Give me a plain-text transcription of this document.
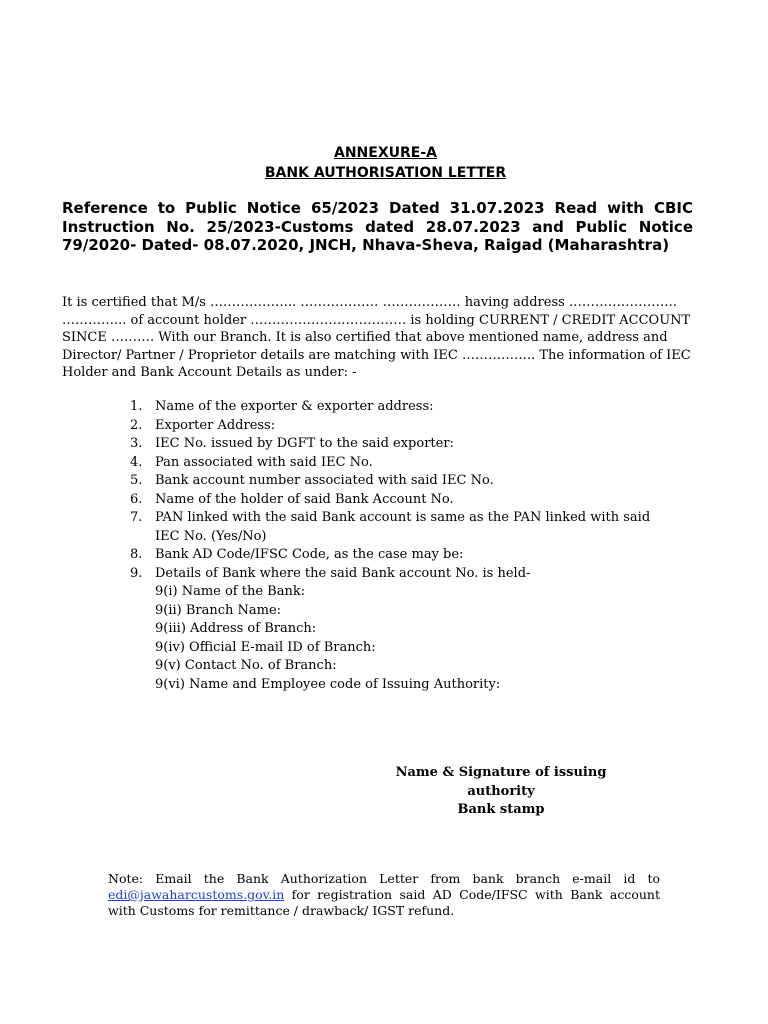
ANNEXURE-A
BANK AUTHORISATION LETTER
Reference to Public Notice 65/2023 Dated 31.07.2023 Read with CBIC Instruction No. 25/2023-Customs dated 28.07.2023 and Public Notice 79/2020- Dated- 08.07.2020, JNCH, Nhava-Sheva, Raigad (Maharashtra)
It is certified that M/s ……………….. ……………… ……………… having address ……………………. …………... of account holder ……………………………… is holding CURRENT / CREDIT ACCOUNT SINCE ………. With our Branch. It is also certified that above mentioned name, address and Director/ Partner / Proprietor details are matching with IEC …………….. The information of IEC Holder and Bank Account Details as under: -
1. Name of the exporter & exporter address:
2. Exporter Address:
3. IEC No. issued by DGFT to the said exporter:
4. Pan associated with said IEC No.
5. Bank account number associated with said IEC No.
6. Name of the holder of said Bank Account No.
7. PAN linked with the said Bank account is same as the PAN linked with said IEC No. (Yes/No)
8. Bank AD Code/IFSC Code, as the case may be:
9. Details of Bank where the said Bank account No. is held-
9(i) Name of the Bank:
9(ii) Branch Name:
9(iii) Address of Branch:
9(iv) Official E-mail ID of Branch:
9(v) Contact No. of Branch:
9(vi) Name and Employee code of Issuing Authority:
Name & Signature of issuing authority
Bank stamp
Note: Email the Bank Authorization Letter from bank branch e-mail id to edi@jawaharcustoms.gov.in for registration said AD Code/IFSC with Bank account with Customs for remittance / drawback/ IGST refund.
